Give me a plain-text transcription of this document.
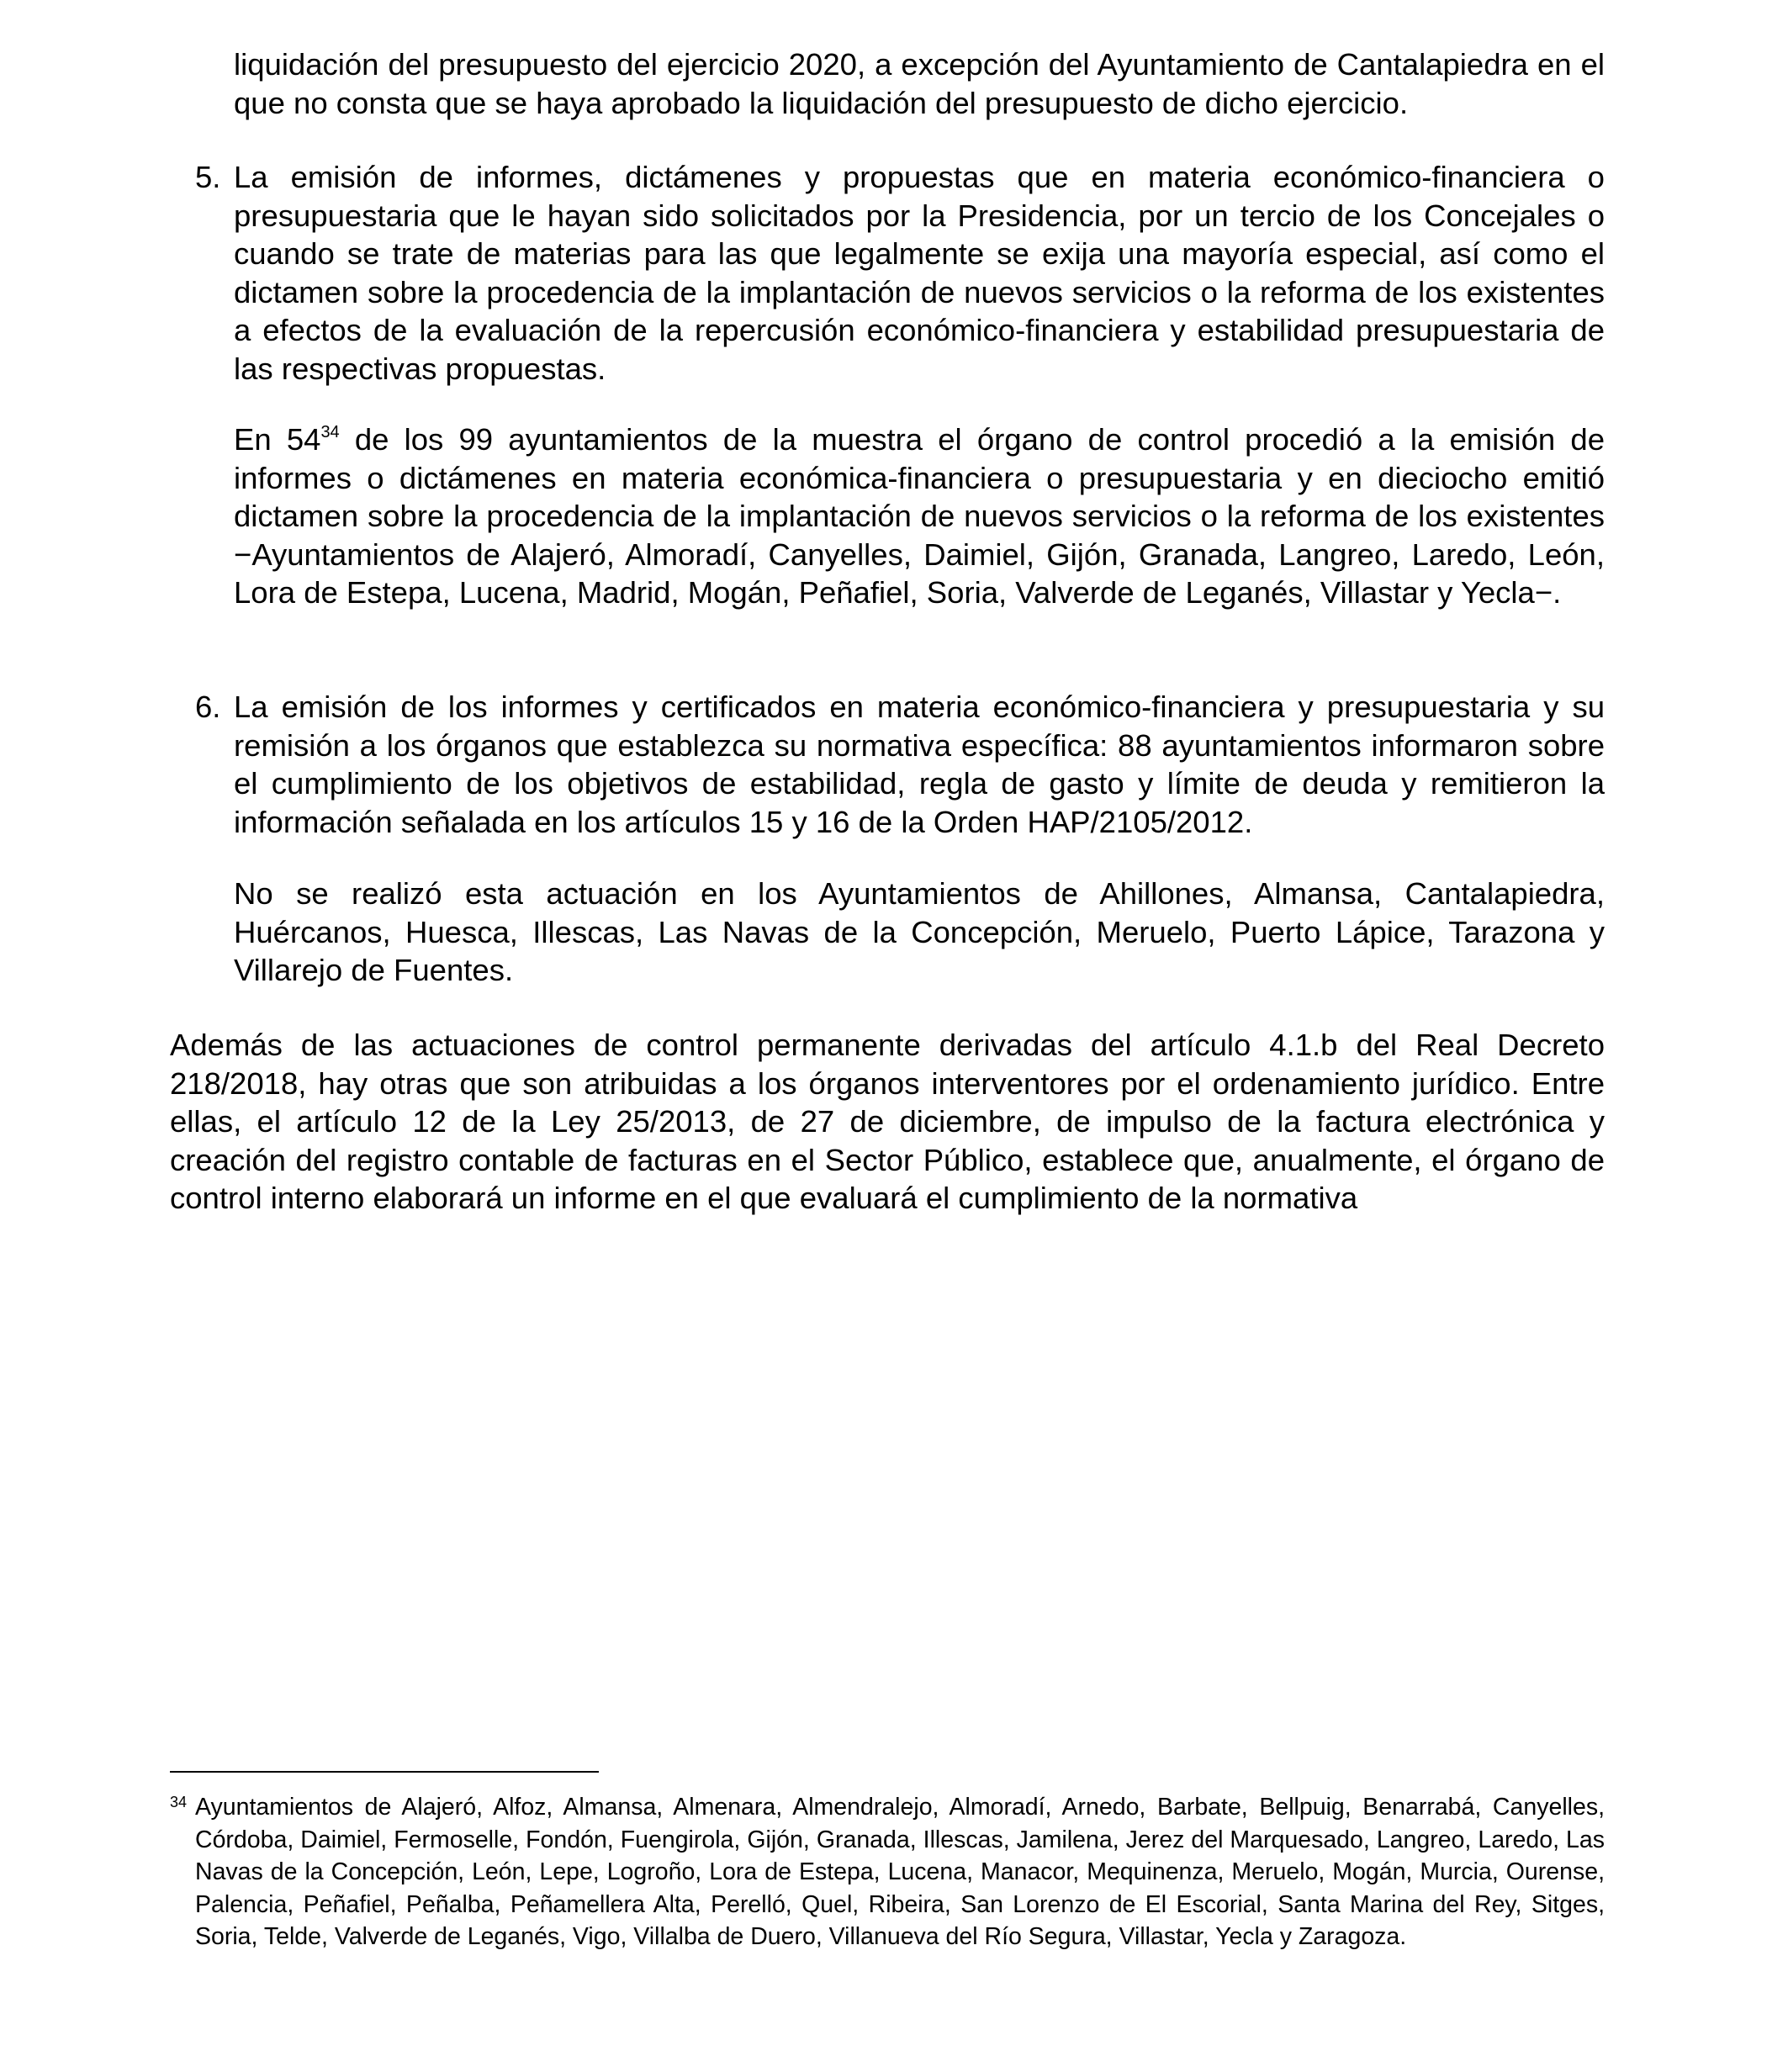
liquidación del presupuesto del ejercicio 2020, a excepción del Ayuntamiento de Cantalapiedra en el que no consta que se haya aprobado la liquidación del presupuesto de dicho ejercicio.

5. La emisión de informes, dictámenes y propuestas que en materia económico-financiera o presupuestaria que le hayan sido solicitados por la Presidencia, por un tercio de los Concejales o cuando se trate de materias para las que legalmente se exija una mayoría especial, así como el dictamen sobre la procedencia de la implantación de nuevos servicios o la reforma de los existentes a efectos de la evaluación de la repercusión económico-financiera y estabilidad presupuestaria de las respectivas propuestas.

En $54^{34}$ de los 99 ayuntamientos de la muestra el órgano de control procedió a la emisión de informes o dictámenes en materia económica-financiera o presupuestaria y en dieciocho emitió dictamen sobre la procedencia de la implantación de nuevos servicios o la reforma de los existentes −Ayuntamientos de Alajeró, Almoradí, Canyelles, Daimiel, Gijón, Granada, Langreo, Laredo, León, Lora de Estepa, Lucena, Madrid, Mogán, Peñafiel, Soria, Valverde de Leganés, Villastar y Yecla−.

6. La emisión de los informes y certificados en materia económico-financiera y presupuestaria y su remisión a los órganos que establezca su normativa específica: 88 ayuntamientos informaron sobre el cumplimiento de los objetivos de estabilidad, regla de gasto y límite de deuda y remitieron la información señalada en los artículos 15 y 16 de la Orden HAP/2105/2012.

No se realizó esta actuación en los Ayuntamientos de Ahillones, Almansa, Cantalapiedra, Huércanos, Huesca, Illescas, Las Navas de la Concepción, Meruelo, Puerto Lápice, Tarazona y Villarejo de Fuentes.

Además de las actuaciones de control permanente derivadas del artículo 4.1.b del Real Decreto 218/2018, hay otras que son atribuidas a los órganos interventores por el ordenamiento jurídico. Entre ellas, el artículo 12 de la Ley 25/2013, de 27 de diciembre, de impulso de la factura electrónica y creación del registro contable de facturas en el Sector Público, establece que, anualmente, el órgano de control interno elaborará un informe en el que evaluará el cumplimiento de la normativa

34 Ayuntamientos de Alajeró, Alfoz, Almansa, Almenara, Almendralejo, Almoradí, Arnedo, Barbate, Bellpuig, Benarrabá, Canyelles, Córdoba, Daimiel, Fermoselle, Fondón, Fuengirola, Gijón, Granada, Illescas, Jamilena, Jerez del Marquesado, Langreo, Laredo, Las Navas de la Concepción, León, Lepe, Logroño, Lora de Estepa, Lucena, Manacor, Mequinenza, Meruelo, Mogán, Murcia, Ourense, Palencia, Peñafiel, Peñalba, Peñamellera Alta, Perelló, Quel, Ribeira, San Lorenzo de El Escorial, Santa Marina del Rey, Sitges, Soria, Telde, Valverde de Leganés, Vigo, Villalba de Duero, Villanueva del Río Segura, Villastar, Yecla y Zaragoza.
